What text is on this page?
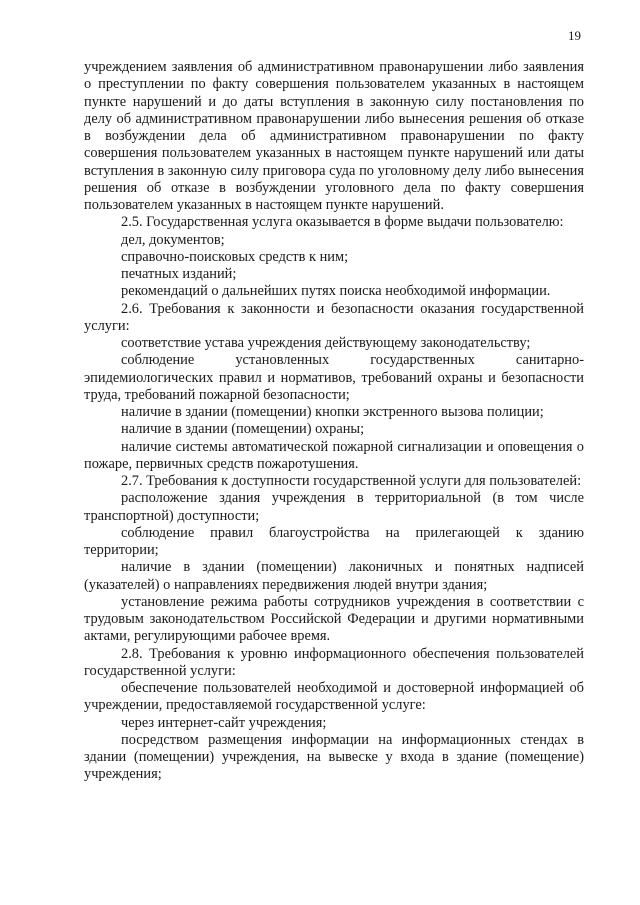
19

учреждением заявления об административном правонарушении либо заявления о преступлении по факту совершения пользователем указанных в настоящем пункте нарушений и до даты вступления в законную силу постановления по делу об административном правонарушении либо вынесения решения об отказе в возбуждении дела об административном правонарушении по факту совершения пользователем указанных в настоящем пункте нарушений или даты вступления в законную силу приговора суда по уголовному делу либо вынесения решения об отказе в возбуждении уголовного дела по факту совершения пользователем указанных в настоящем пункте нарушений.

2.5. Государственная услуга оказывается в форме выдачи пользователю:

дел, документов;

справочно-поисковых средств к ним;

печатных изданий;

рекомендаций о дальнейших путях поиска необходимой информации.

2.6. Требования к законности и безопасности оказания государственной услуги:

соответствие устава учреждения действующему законодательству;

соблюдение установленных государственных санитарно-эпидемиологических правил и нормативов, требований охраны и безопасности труда, требований пожарной безопасности;

наличие в здании (помещении) кнопки экстренного вызова полиции;

наличие в здании (помещении) охраны;

наличие системы автоматической пожарной сигнализации и оповещения о пожаре, первичных средств пожаротушения.

2.7. Требования к доступности государственной услуги для пользователей:

расположение здания учреждения в территориальной (в том числе транспортной) доступности;

соблюдение правил благоустройства на прилегающей к зданию территории;

наличие в здании (помещении) лаконичных и понятных надписей (указателей) о направлениях передвижения людей внутри здания;

установление режима работы сотрудников учреждения в соответствии с трудовым законодательством Российской Федерации и другими нормативными актами, регулирующими рабочее время.

2.8. Требования к уровню информационного обеспечения пользователей государственной услуги:

обеспечение пользователей необходимой и достоверной информацией об учреждении, предоставляемой государственной услуге:

через интернет-сайт учреждения;

посредством размещения информации на информационных стендах в здании (помещении) учреждения, на вывеске у входа в здание (помещение) учреждения;
